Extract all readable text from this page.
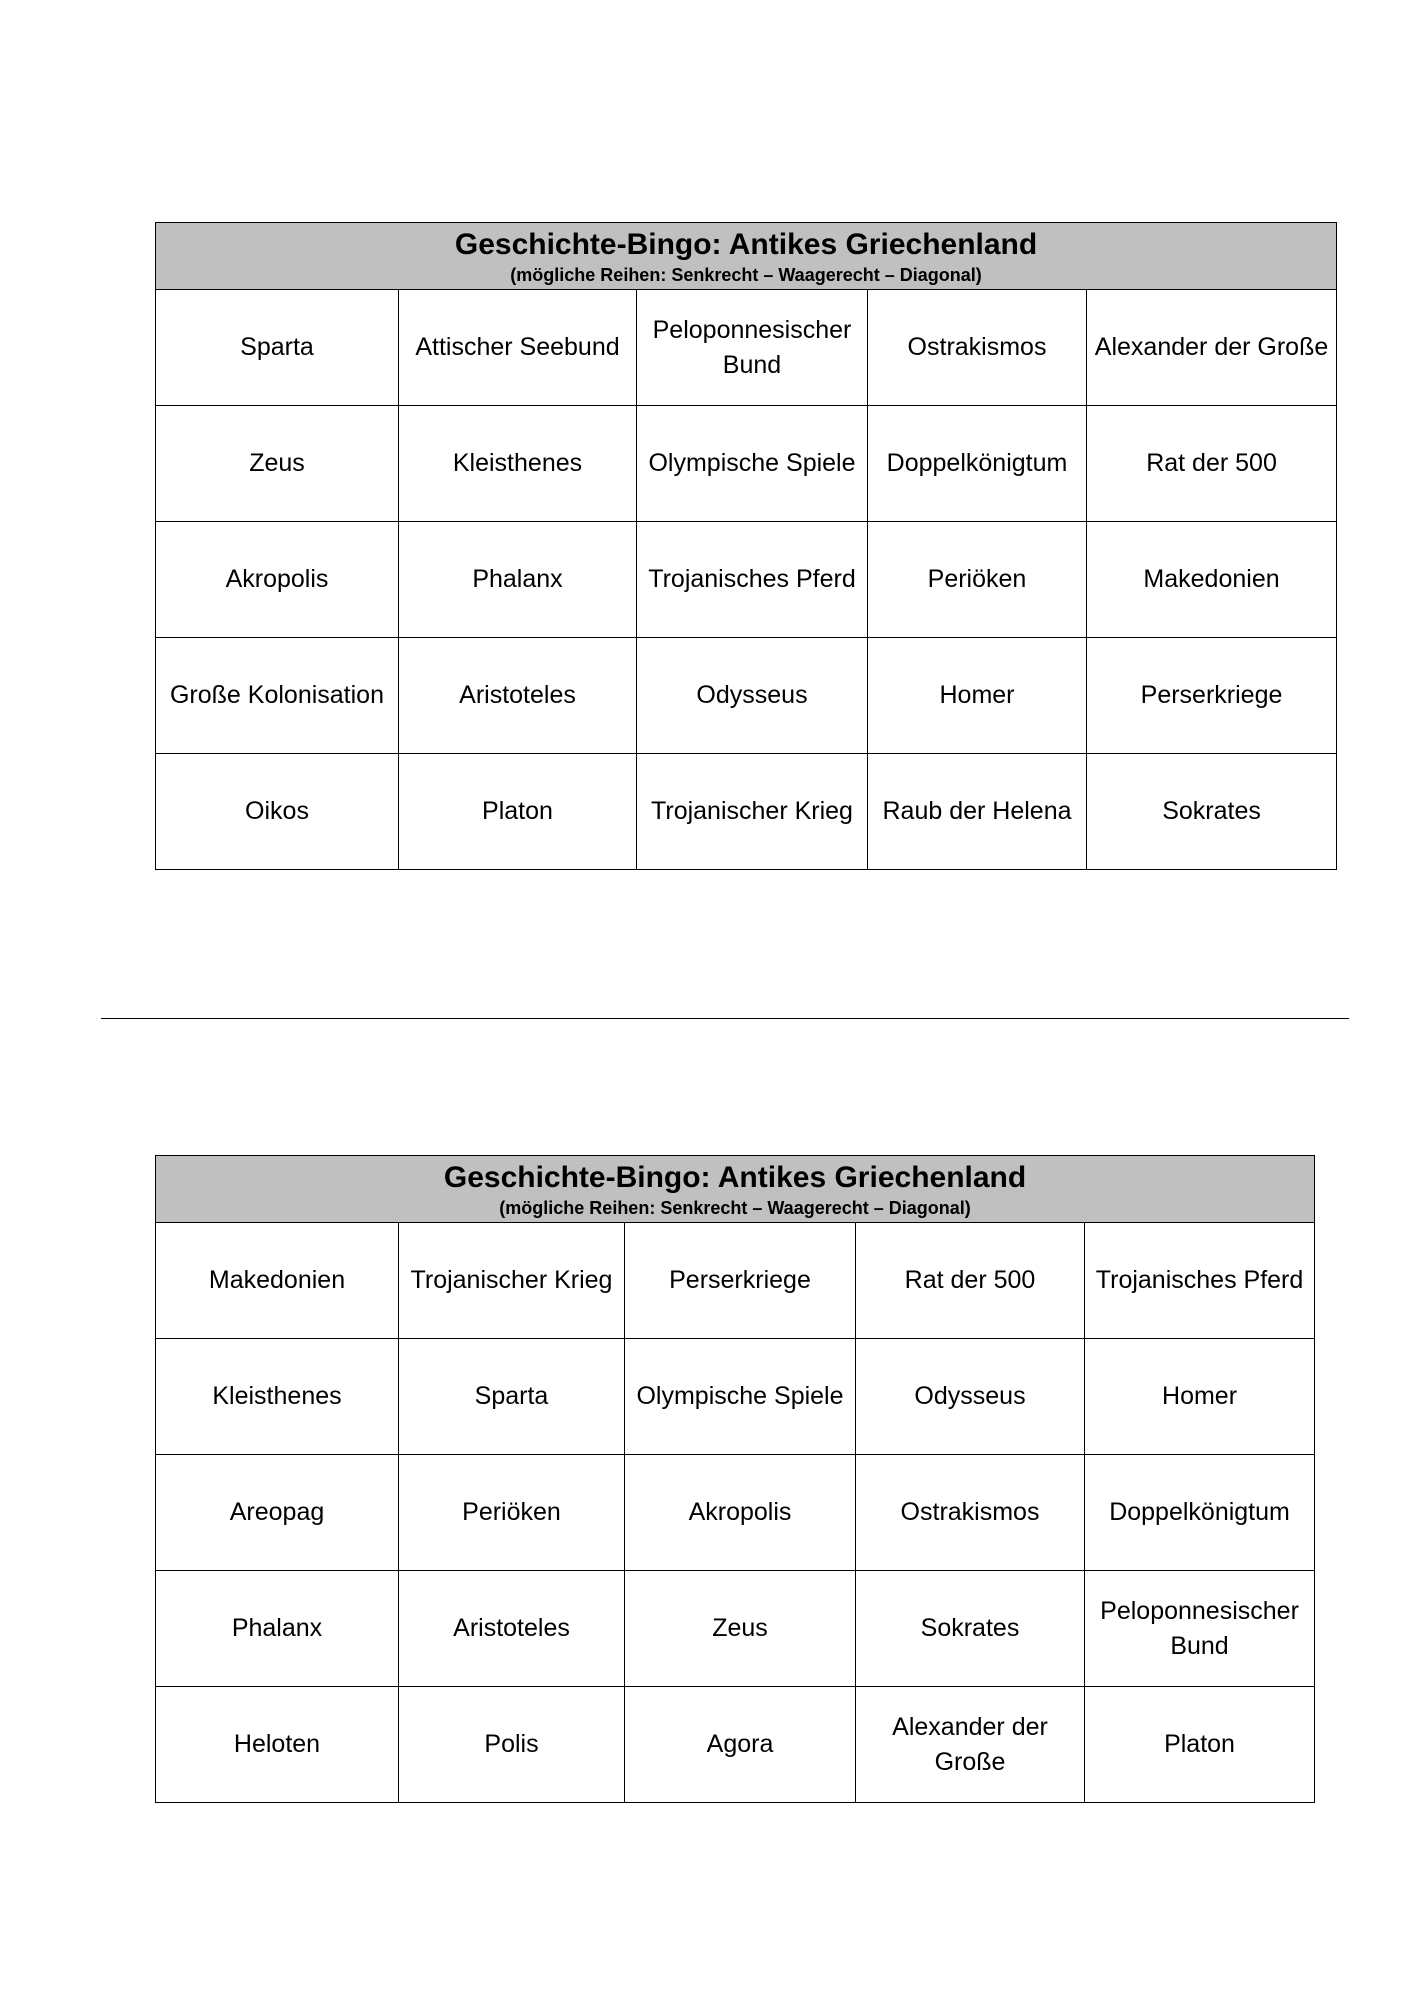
Geschichte-Bingo: Antikes Griechenland
(mögliche Reihen: Senkrecht – Waagerecht – Diagonal)				

Sparta	Attischer Seebund	Peloponnesischer Bund	Ostrakismos	Alexander der Große
Zeus	Kleisthenes	Olympische Spiele	Doppelkönigtum	Rat der 500
Akropolis	Phalanx	Trojanisches Pferd	Periöken	Makedonien
Große Kolonisation	Aristoteles	Odysseus	Homer	Perserkriege
Oikos	Platon	Trojanischer Krieg	Raub der Helena	Sokrates
Geschichte-Bingo: Antikes Griechenland
(mögliche Reihen: Senkrecht – Waagerecht – Diagonal)				

Makedonien	Trojanischer Krieg	Perserkriege	Rat der 500	Trojanisches Pferd
Kleisthenes	Sparta	Olympische Spiele	Odysseus	Homer
Areopag	Periöken	Akropolis	Ostrakismos	Doppelkönigtum
Phalanx	Aristoteles	Zeus	Sokrates	Peloponnesischer Bund
Heloten	Polis	Agora	Alexander der Große	Platon
